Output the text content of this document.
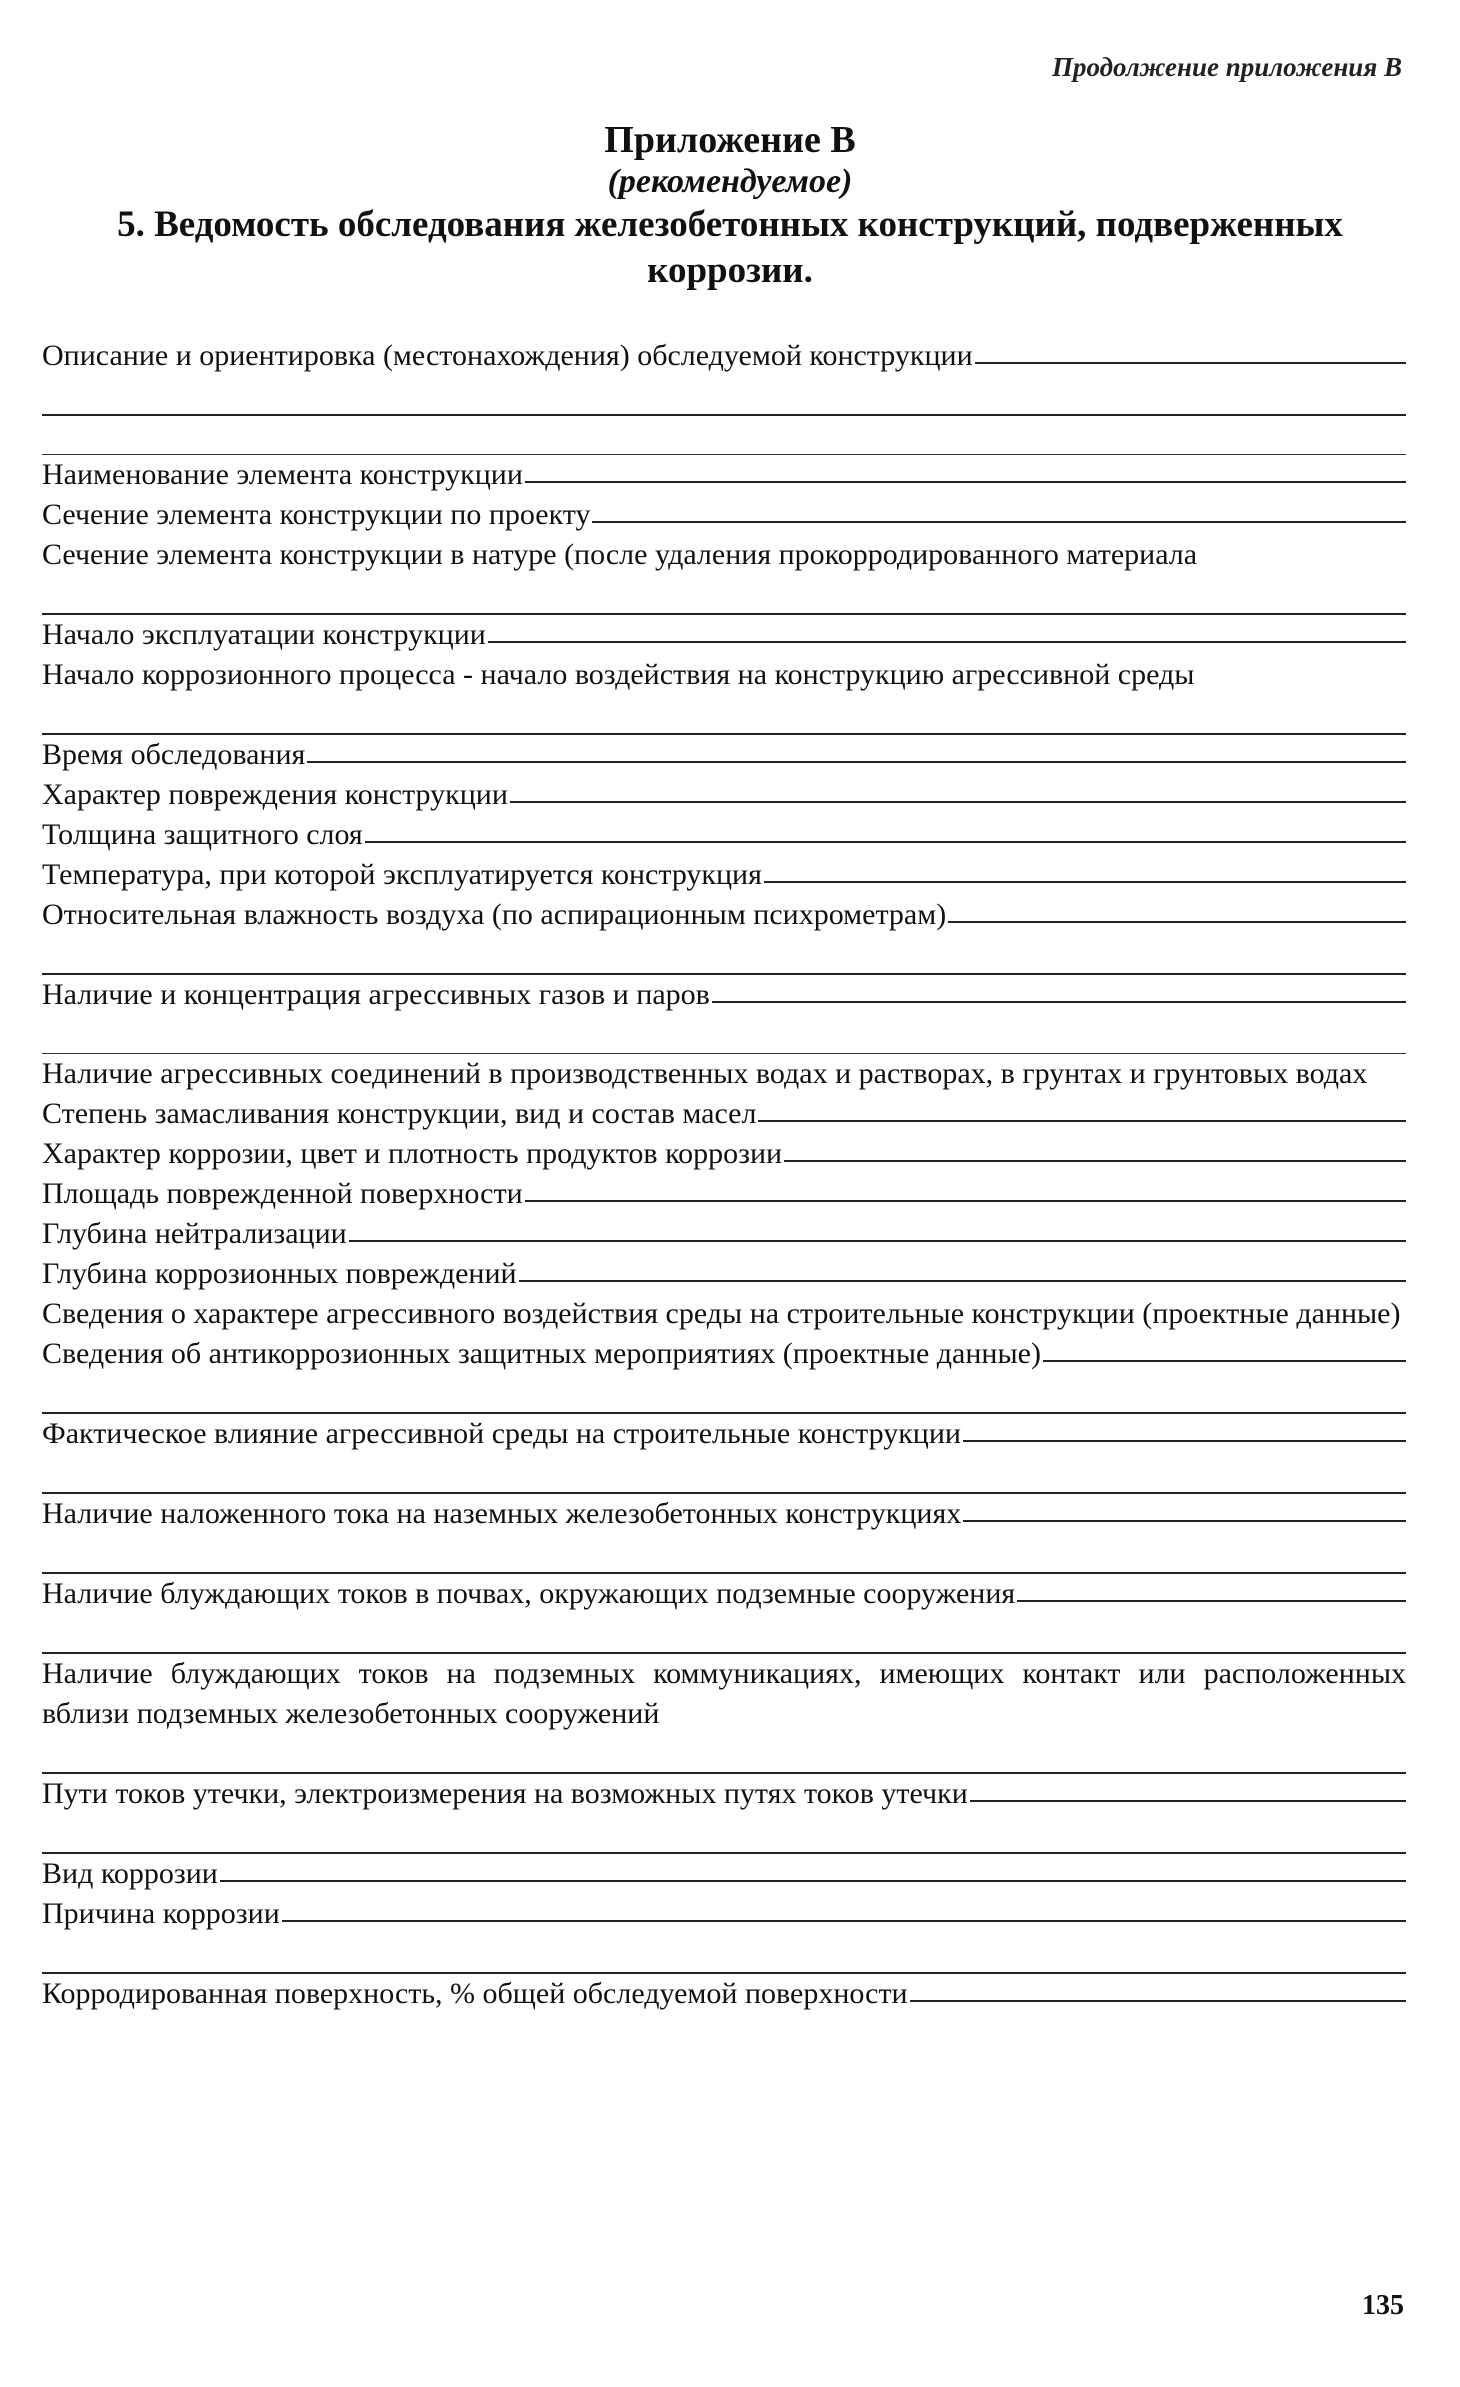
Продолжение приложения В
Приложение В
(рекомендуемое)
5. Ведомость обследования железобетонных конструкций, подверженных коррозии.
Описание и ориентировка (местонахождения) обследуемой конструкции
Наименование элемента конструкции
Сечение элемента конструкции по проекту
Сечение элемента конструкции в натуре (после удаления прокорродированного материала
Начало эксплуатации конструкции
Начало коррозионного процесса - начало воздействия на конструкцию агрессивной среды
Время обследования
Характер повреждения конструкции
Толщина защитного слоя
Температура, при которой эксплуатируется конструкция
Относительная влажность воздуха (по аспирационным психрометрам)
Наличие и концентрация агрессивных газов и паров
Наличие агрессивных соединений в производственных водах и растворах, в грунтах и грунтовых водах
Степень замасливания конструкции, вид и состав масел
Характер коррозии, цвет и плотность продуктов коррозии
Площадь поврежденной поверхности
Глубина нейтрализации
Глубина коррозионных повреждений
Сведения о характере агрессивного воздействия среды на строительные конструкции (проектные данные)
Сведения об антикоррозионных защитных мероприятиях (проектные данные)
Фактическое влияние агрессивной среды на строительные конструкции
Наличие наложенного тока на наземных железобетонных конструкциях
Наличие блуждающих токов в почвах, окружающих подземные сооружения
Наличие блуждающих токов на подземных коммуникациях, имеющих контакт или расположенных вблизи подземных железобетонных сооружений
Пути токов утечки, электроизмерения на возможных путях токов утечки
Вид коррозии
Причина коррозии
Корродированная поверхность, % общей обследуемой поверхности
135
